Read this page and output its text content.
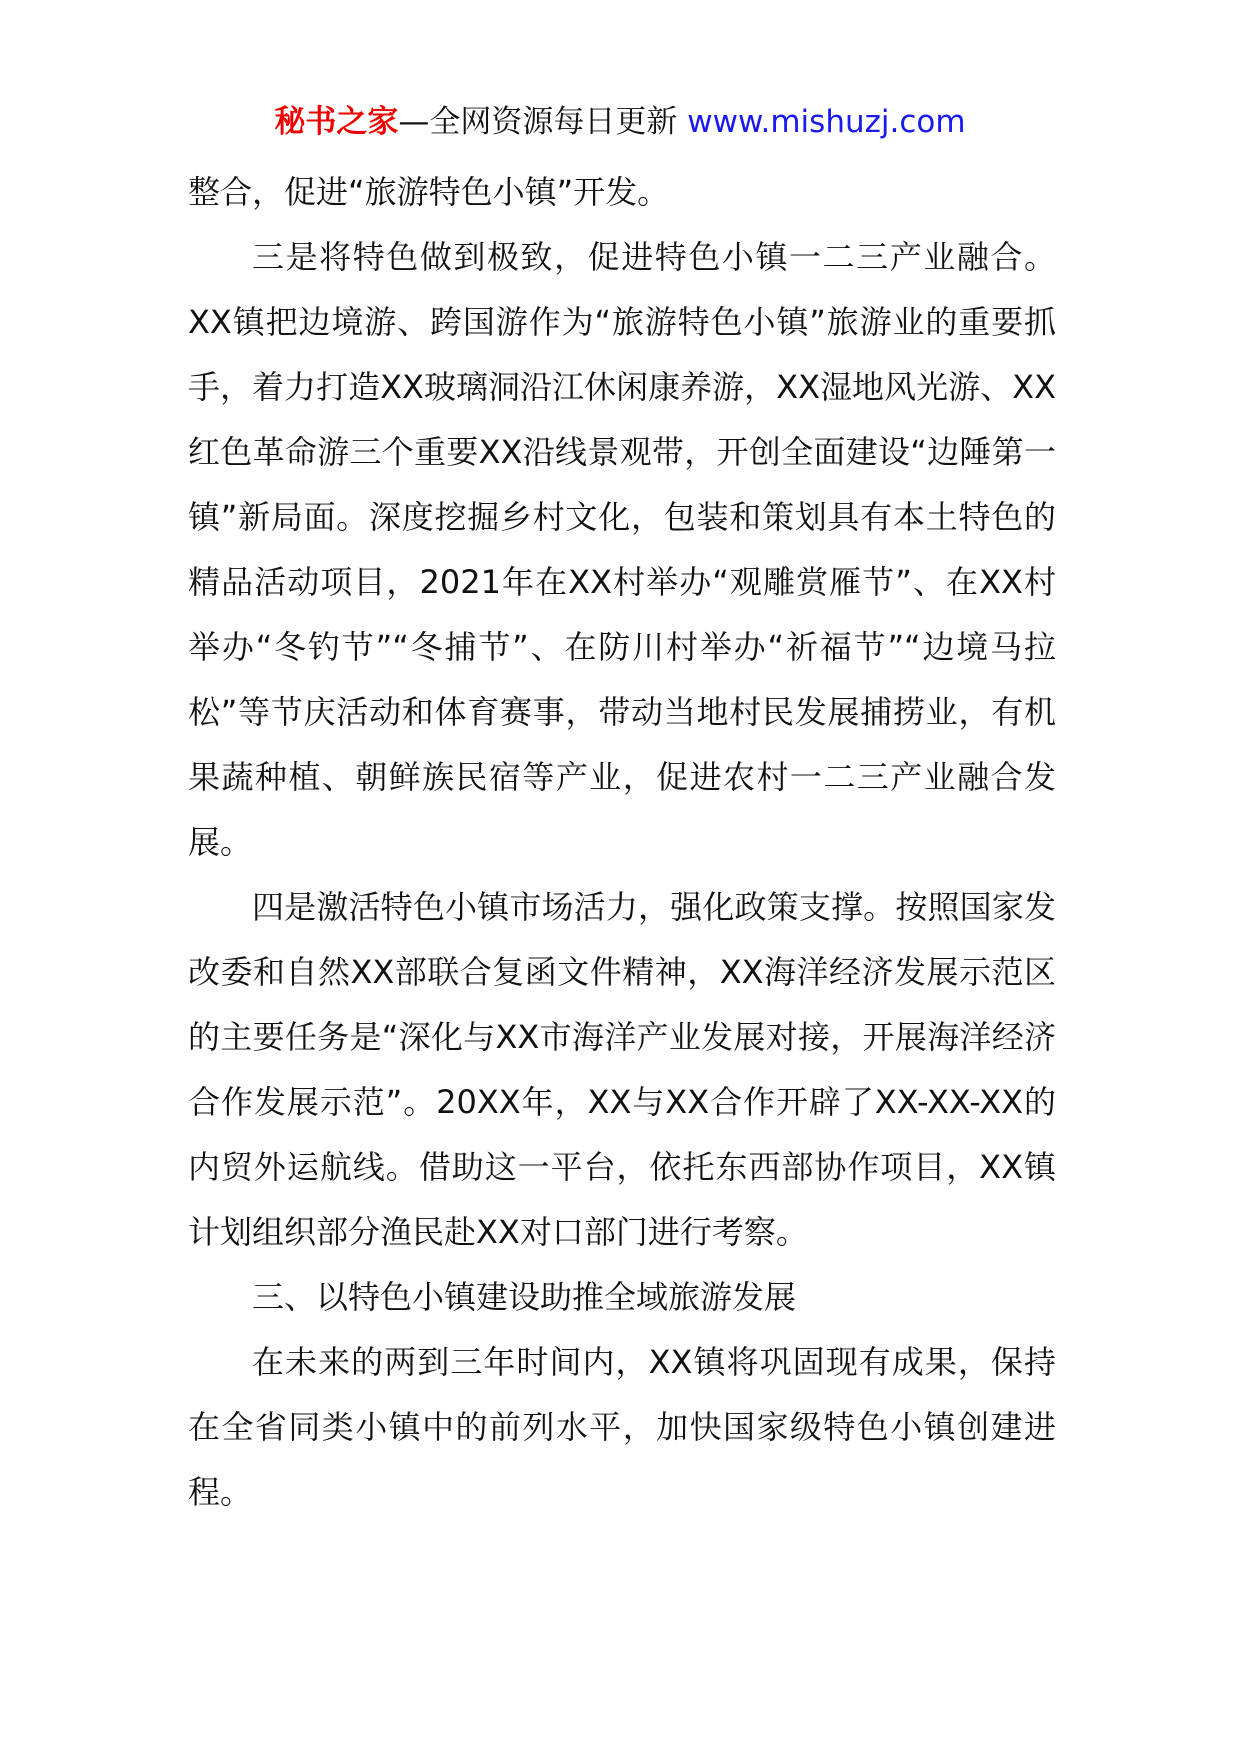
秘书之家—全网资源每日更新 www.mishuzj.com

整合，促进“旅游特色小镇”开发。

三是将特色做到极致，促进特色小镇一二三产业融合。XX镇把边境游、跨国游作为“旅游特色小镇”旅游业的重要抓手，着力打造XX玻璃洞沿江休闲康养游，XX湿地风光游、XX红色革命游三个重要XX沿线景观带，开创全面建设“边陲第一镇”新局面。深度挖掘乡村文化，包装和策划具有本土特色的精品活动项目，2021年在XX村举办“观雕赏雁节”、在XX村举办“冬钓节”“冬捕节”、在防川村举办“祈福节”“边境马拉松”等节庆活动和体育赛事，带动当地村民发展捕捞业，有机果蔬种植、朝鲜族民宿等产业，促进农村一二三产业融合发展。

四是激活特色小镇市场活力，强化政策支撑。按照国家发改委和自然XX部联合复函文件精神，XX海洋经济发展示范区的主要任务是“深化与XX市海洋产业发展对接，开展海洋经济合作发展示范”。20XX年，XX与XX合作开辟了XX-XX-XX的内贸外运航线。借助这一平台，依托东西部协作项目，XX镇计划组织部分渔民赴XX对口部门进行考察。

三、以特色小镇建设助推全域旅游发展

在未来的两到三年时间内，XX镇将巩固现有成果，保持在全省同类小镇中的前列水平，加快国家级特色小镇创建进程。
